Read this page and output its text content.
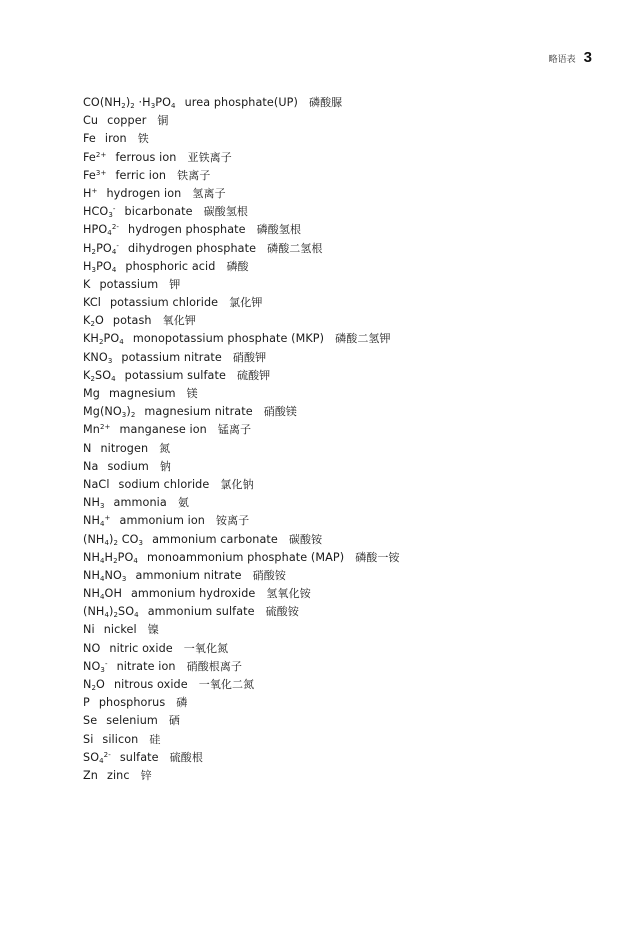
略语表 3
$CO(NH_2)_2 \cdot H_3PO_4$ urea phosphate(UP) 磷酸脲
Cu copper 铜
Fe iron 铁
$Fe^{2+}$ ferrous ion 亚铁离子
$Fe^{3+}$ ferric ion 铁离子
H+ hydrogen ion 氢离子
$HCO_3^-$ bicarbonate 碳酸氢根
$HPO_4^{2-}$ hydrogen phosphate 磷酸氢根
$H_2PO_4^-$ dihydrogen phosphate 磷酸二氢根
$H_3PO_4$ phosphoric acid 磷酸
K potassium 钾
KCl potassium chloride 氯化钾
$K_2O$ potash 氧化钾
$KH_2PO_4$ monopotassium phosphate (MKP) 磷酸二氢钾
$KNO_3$ potassium nitrate 硝酸钾
$K_2SO_4$ potassium sulfate 硫酸钾
Mg magnesium 镁
$Mg(NO_3)_2$ magnesium nitrate 硝酸镁
$Mn^{2+}$ manganese ion 锰离子
N nitrogen 氮
Na sodium 钠
NaCl sodium chloride 氯化钠
$NH_3$ ammonia 氨
$NH_4^+$ ammonium ion 铵离子
$(NH_4)_2$ $CO_3$ ammonium carbonate 碳酸铵
$NH_4H_2PO_4$ monoammonium phosphate (MAP) 磷酸一铵
$NH_4NO_3$ ammonium nitrate 硝酸铵
$NH_4OH$ ammonium hydroxide 氢氧化铵
$(NH_4)_2SO_4$ ammonium sulfate 硫酸铵
Ni nickel 镍
NO nitric oxide 一氧化氮
$NO_3^-$ nitrate ion 硝酸根离子
$N_2O$ nitrous oxide 一氧化二氮
P phosphorus 磷
Se selenium 硒
Si silicon 硅
$SO_4^{2-}$ sulfate 硫酸根
Zn zinc 锌
